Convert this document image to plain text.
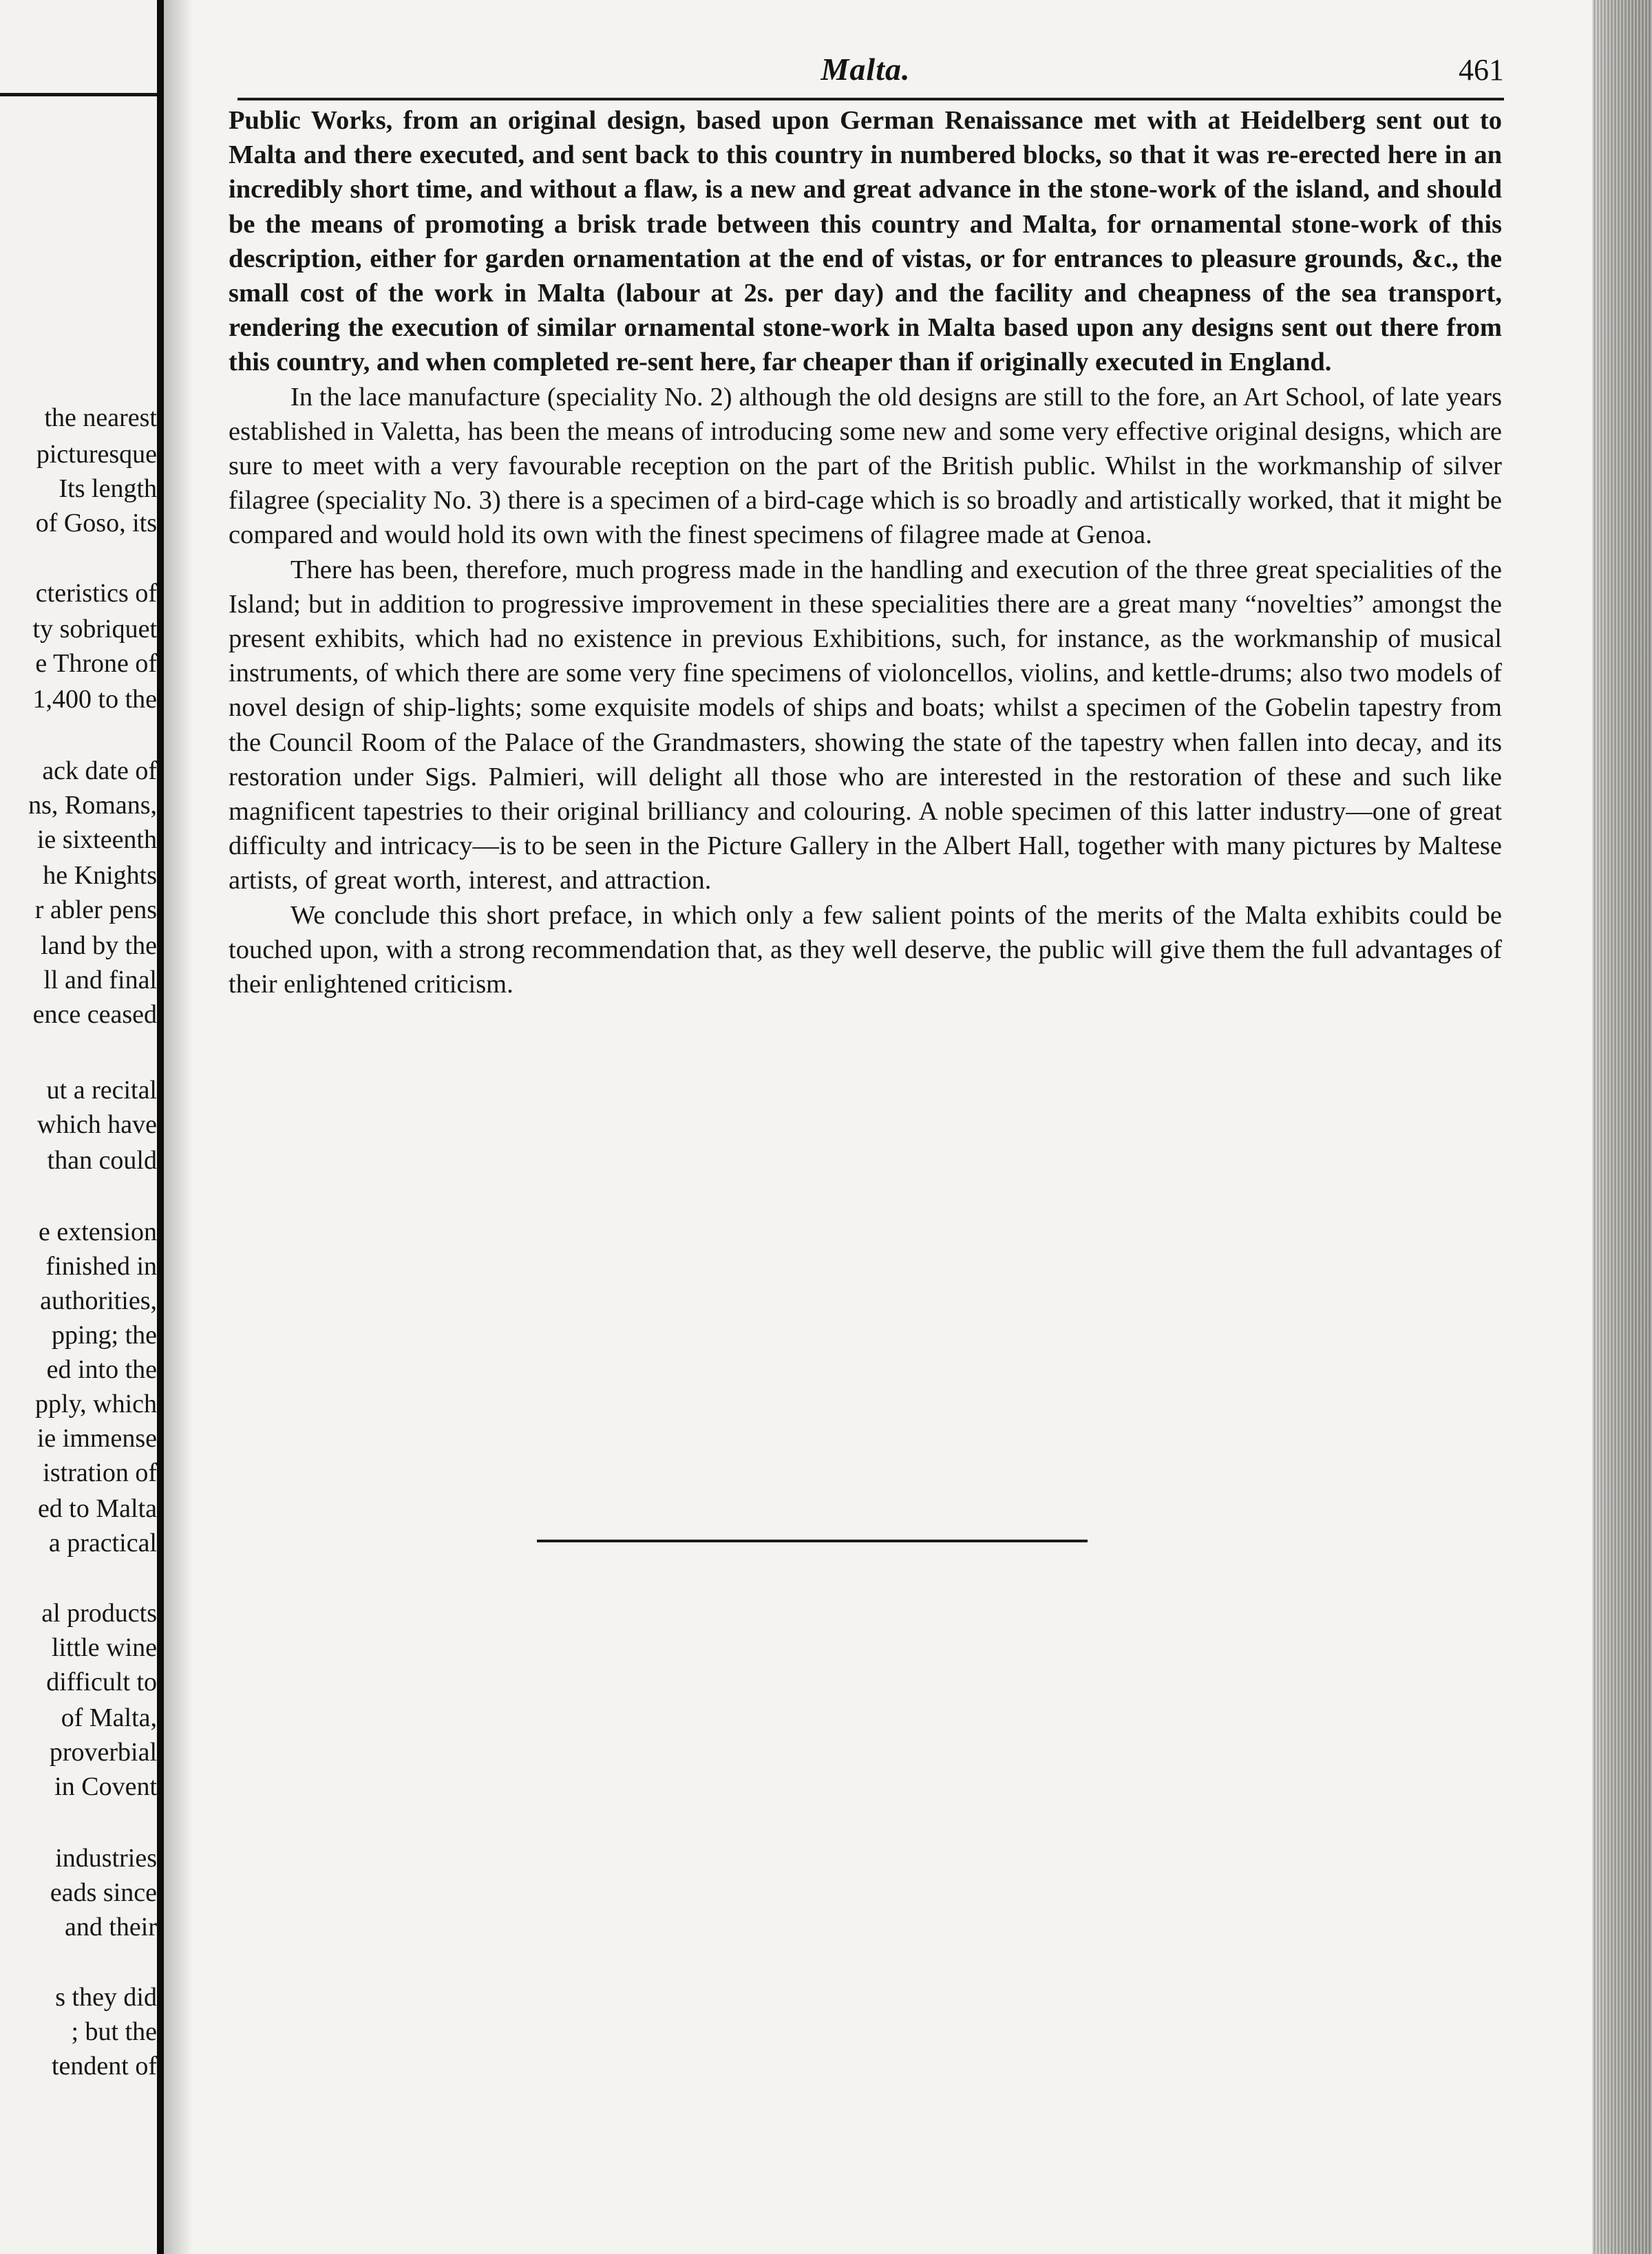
the nearest
picturesque
Its length
of Goso, its
cteristics of
ty sobriquet
e Throne of
1,400 to the
ack date of
ns, Romans,
ie sixteenth
he Knights
r abler pens
land by the
ll and final
ence ceased
ut a recital
which have
than could
e extension
finished in
authorities,
pping; the
ed into the
pply, which
ie immense
istration of
ed to Malta
a practical
al products
little wine
difficult to
of Malta,
proverbial
in Covent
industries
eads since
and their
s they did
; but the
tendent of
Malta.	461

Public Works, from an original design, based upon German Renaissance met with at Heidelberg sent out to Malta and there executed, and sent back to this country in numbered blocks, so that it was re-erected here in an incredibly short time, and without a flaw, is a new and great advance in the stone-work of the island, and should be the means of promoting a brisk trade between this country and Malta, for ornamental stone-work of this description, either for garden ornamentation at the end of vistas, or for entrances to pleasure grounds, &c., the small cost of the work in Malta (labour at 2s. per day) and the facility and cheapness of the sea transport, rendering the execution of similar ornamental stone-work in Malta based upon any designs sent out there from this country, and when completed re-sent here, far cheaper than if originally executed in England.

In the lace manufacture (speciality No. 2) although the old designs are still to the fore, an Art School, of late years established in Valetta, has been the means of introducing some new and some very effective original designs, which are sure to meet with a very favourable reception on the part of the British public. Whilst in the workmanship of silver filagree (speciality No. 3) there is a specimen of a bird-cage which is so broadly and artistically worked, that it might be compared and would hold its own with the finest specimens of filagree made at Genoa.

There has been, therefore, much progress made in the handling and execution of the three great specialities of the Island; but in addition to progressive improvement in these specialities there are a great many “novelties” amongst the present exhibits, which had no existence in previous Exhibitions, such, for instance, as the workmanship of musical instruments, of which there are some very fine specimens of violoncellos, violins, and kettle-drums; also two models of novel design of ship-lights; some exquisite models of ships and boats; whilst a specimen of the Gobelin tapestry from the Council Room of the Palace of the Grandmasters, showing the state of the tapestry when fallen into decay, and its restoration under Sigs. Palmieri, will delight all those who are interested in the restoration of these and such like magnificent tapestries to their original brilliancy and colouring. A noble specimen of this latter industry—one of great difficulty and intricacy—is to be seen in the Picture Gallery in the Albert Hall, together with many pictures by Maltese artists, of great worth, interest, and attraction.

We conclude this short preface, in which only a few salient points of the merits of the Malta exhibits could be touched upon, with a strong recommendation that, as they well deserve, the public will give them the full advantages of their enlightened criticism.
